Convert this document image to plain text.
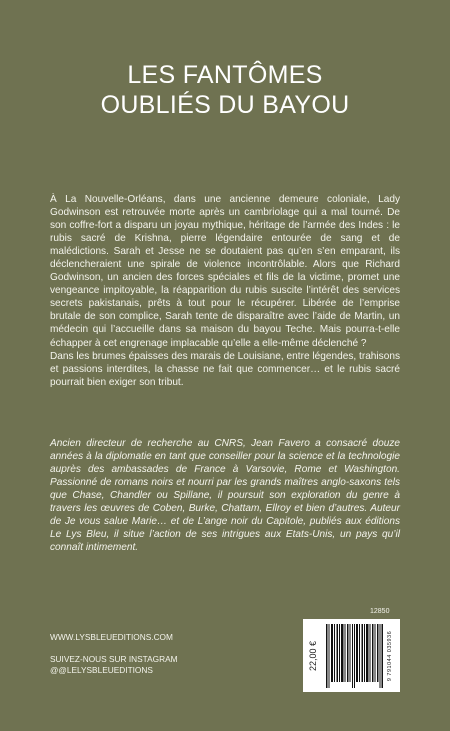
LES FANTÔMES
OUBLIÉS DU BAYOU

À La Nouvelle-Orléans, dans une ancienne demeure coloniale, Lady Godwinson est retrouvée morte après un cambriolage qui a mal tourné. De son coffre-fort a disparu un joyau mythique, héritage de l’armée des Indes : le rubis sacré de Krishna, pierre légendaire entourée de sang et de malédictions. Sarah et Jesse ne se doutaient pas qu’en s’en emparant, ils déclencheraient une spirale de violence incontrôlable. Alors que Richard Godwinson, un ancien des forces spéciales et fils de la victime, promet une vengeance impitoyable, la réapparition du rubis suscite l’intérêt des services secrets pakistanais, prêts à tout pour le récupérer. Libérée de l’emprise brutale de son complice, Sarah tente de disparaître avec l’aide de Martin, un médecin qui l’accueille dans sa maison du bayou Teche. Mais pourra-t-elle échapper à cet engrenage implacable qu’elle a elle-même déclenché ?

Dans les brumes épaisses des marais de Louisiane, entre légendes, trahisons et passions interdites, la chasse ne fait que commencer… et le rubis sacré pourrait bien exiger son tribut.

Ancien directeur de recherche au CNRS, Jean Favero a consacré douze années à la diplomatie en tant que conseiller pour la science et la technologie auprès des ambassades de France à Varsovie, Rome et Washington. Passionné de romans noirs et nourri par les grands maîtres anglo-saxons tels que Chase, Chandler ou Spillane, il poursuit son exploration du genre à travers les œuvres de Coben, Burke, Chattam, Ellroy et bien d’autres. Auteur de Je vous salue Marie… et de L’ange noir du Capitole, publiés aux éditions Le Lys Bleu, il situe l’action de ses intrigues aux Etats-Unis, un pays qu’il connaît intimement.

12850
WWW.LYSBLEUEDITIONS.COM
SUIVEZ-NOUS SUR INSTAGRAM
@@LELYSBLEUEDITIONS	22,00 €	9 791044 035936
